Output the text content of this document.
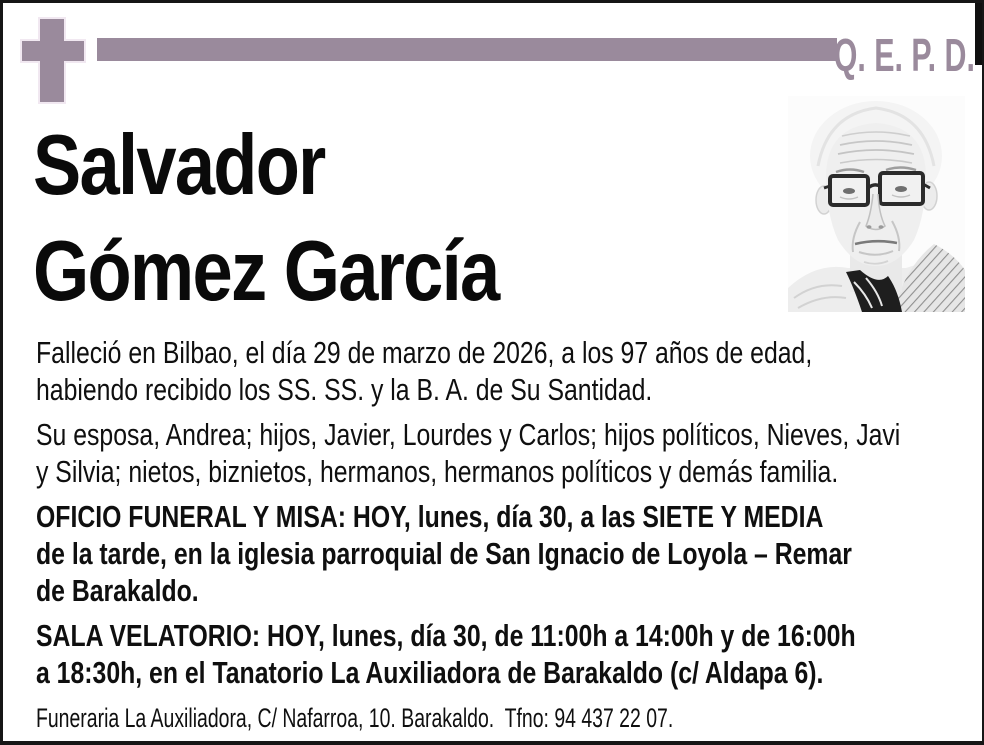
Q. E. P. D.
Salvador
Gómez García
Falleció en Bilbao, el día 29 de marzo de 2026, a los 97 años de edad,
habiendo recibido los SS. SS. y la B. A. de Su Santidad.
Su esposa, Andrea; hijos, Javier, Lourdes y Carlos; hijos políticos, Nieves, Javi
y Silvia; nietos, biznietos, hermanos, hermanos políticos y demás familia.
OFICIO FUNERAL Y MISA: HOY, lunes, día 30, a las SIETE Y MEDIA
de la tarde, en la iglesia parroquial de San Ignacio de Loyola – Remar
de Barakaldo.
SALA VELATORIO: HOY, lunes, día 30, de 11:00h a 14:00h y de 16:00h
a 18:30h, en el Tanatorio La Auxiliadora de Barakaldo (c/ Aldapa 6).
Funeraria La Auxiliadora, C/ Nafarroa, 10. Barakaldo.  Tfno: 94 437 22 07.
